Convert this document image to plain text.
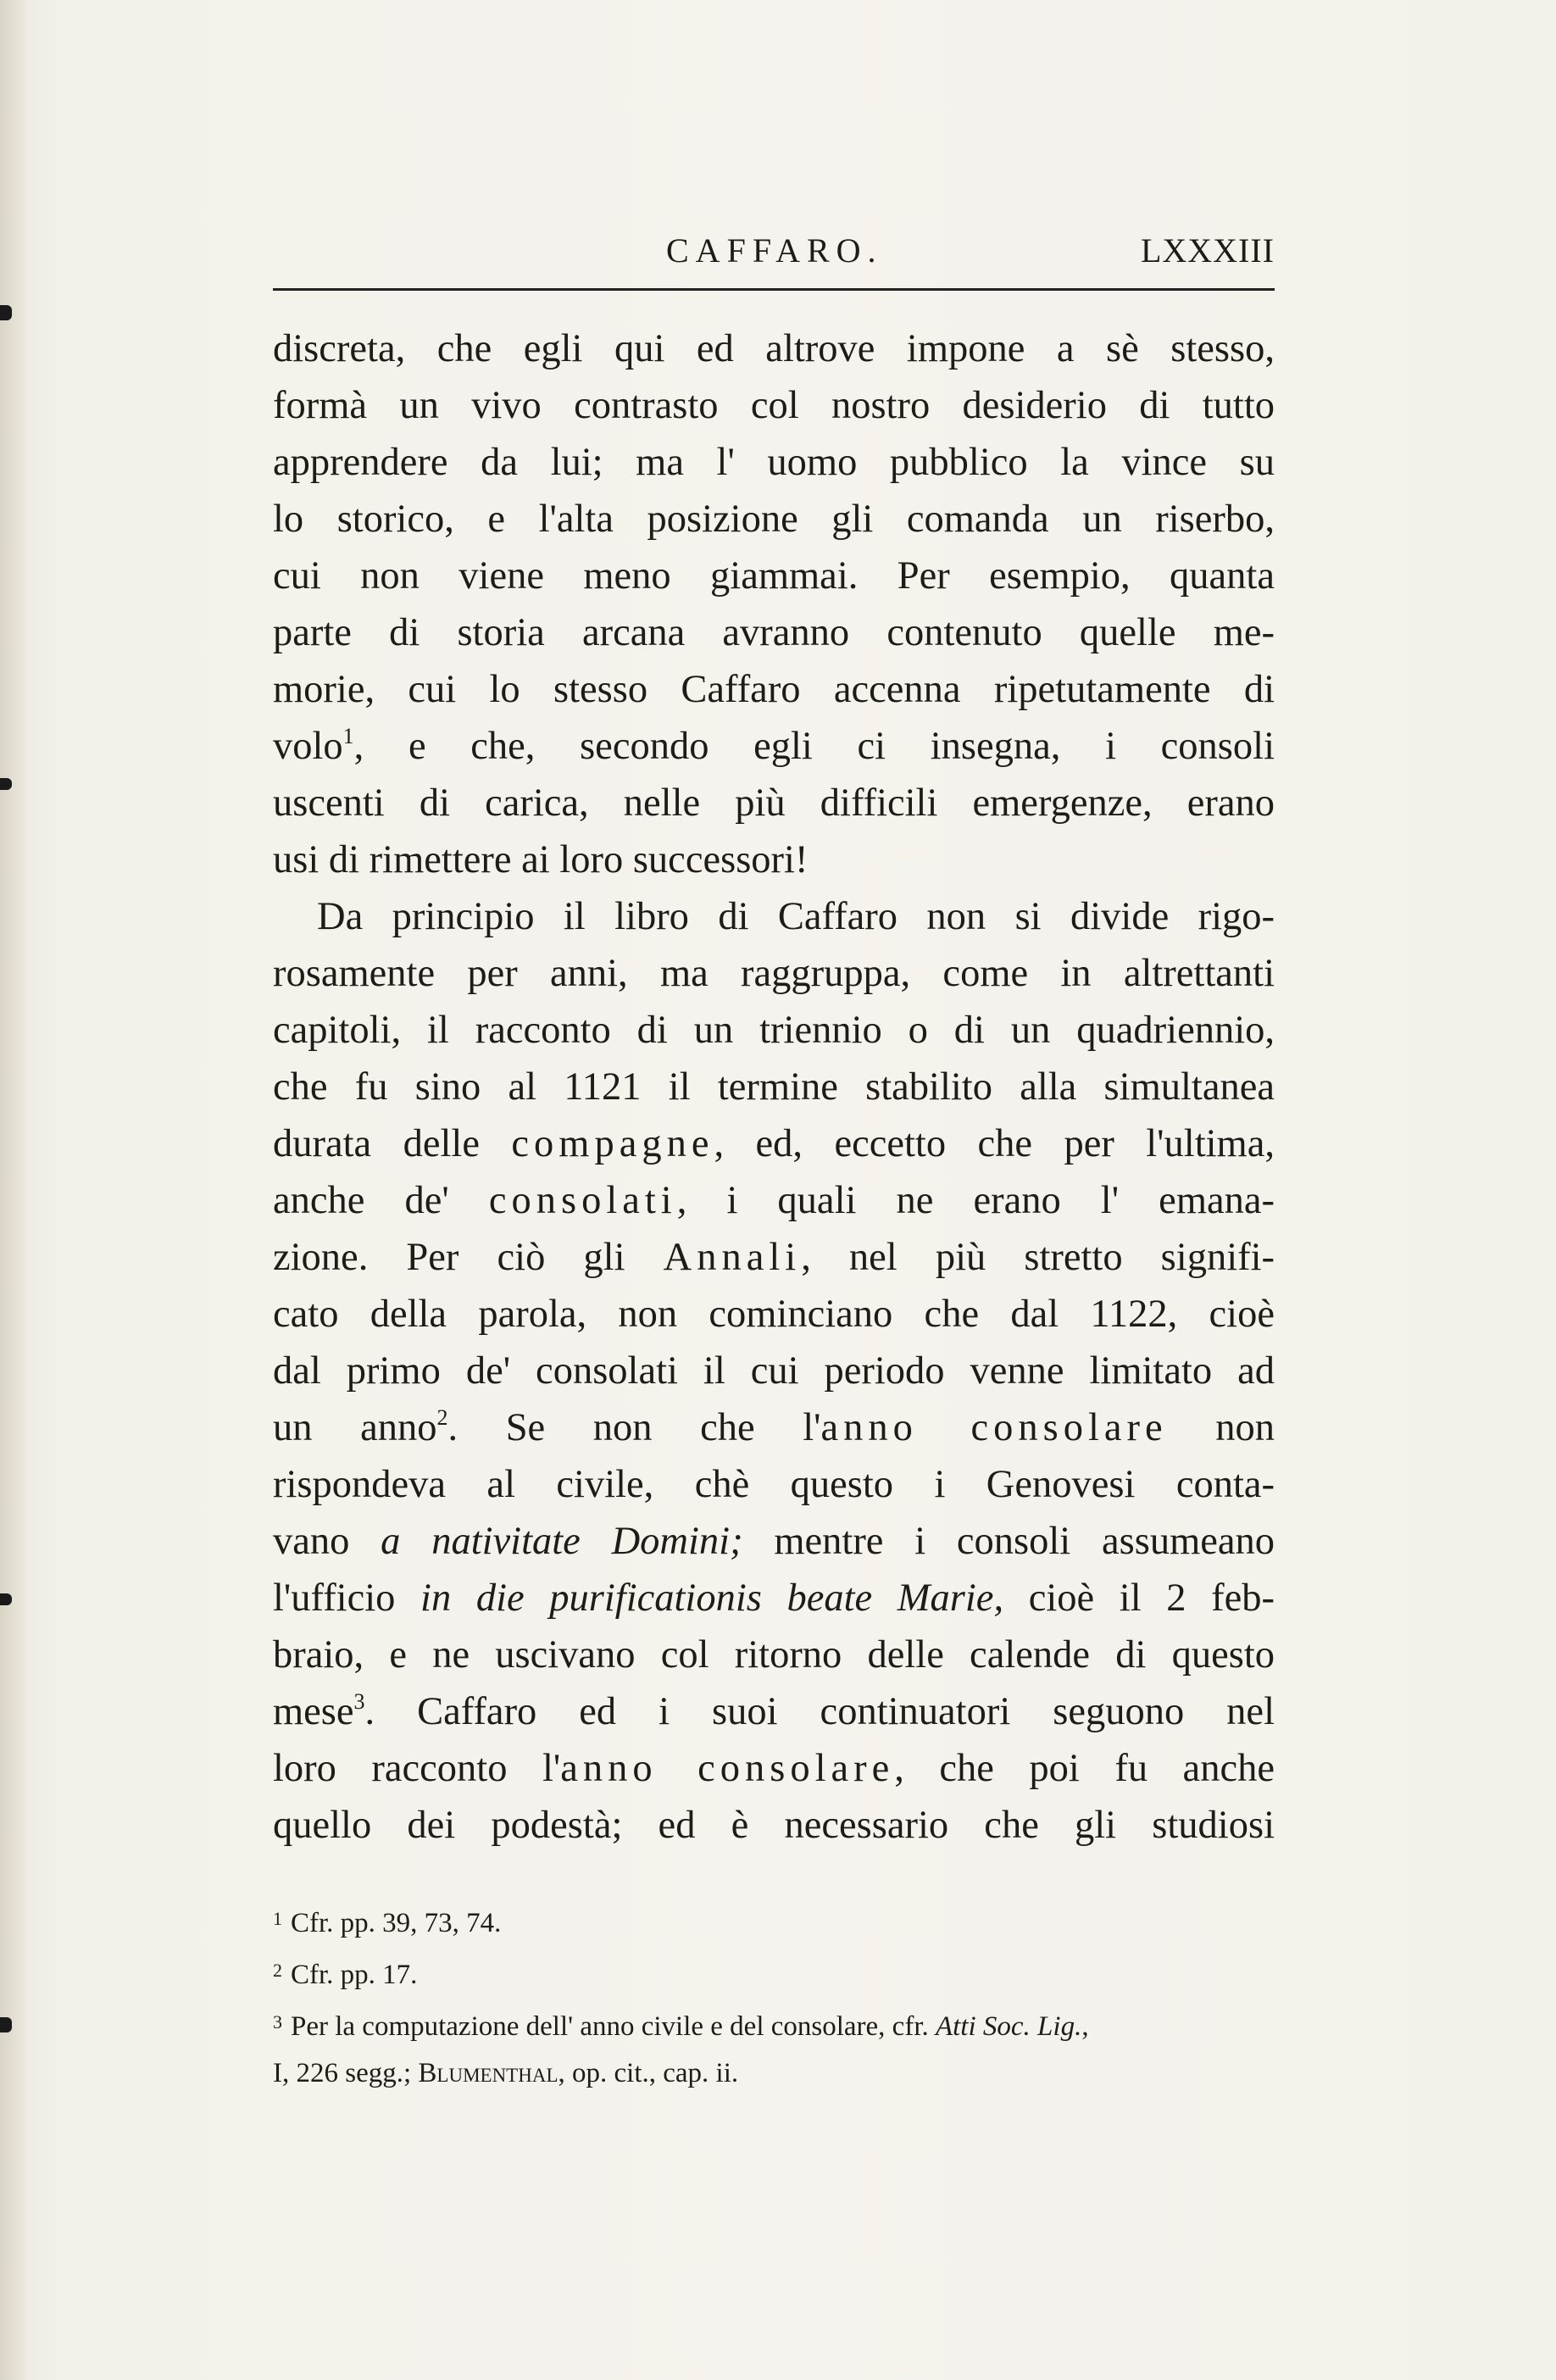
CAFFARO.	LXXXIII
discreta, che egli qui ed altrove impone a sè stesso,
formà un vivo contrasto col nostro desiderio di tutto
apprendere da lui; ma l' uomo pubblico la vince su
lo storico, e l'alta posizione gli comanda un riserbo,
cui non viene meno giammai. Per esempio, quanta
parte di storia arcana avranno contenuto quelle me-
morie, cui lo stesso Caffaro accenna ripetutamente di
volo$^1$, e che, secondo egli ci insegna, i consoli
uscenti di carica, nelle più difficili emergenze, erano
usi di rimettere ai loro successori!
Da principio il libro di Caffaro non si divide rigo-
rosamente per anni, ma raggruppa, come in altrettanti
capitoli, il racconto di un triennio o di un quadriennio,
che fu sino al 1121 il termine stabilito alla simultanea
durata delle compagne, ed, eccetto che per l'ultima,
anche de' consolati, i quali ne erano l' emana-
zione. Per ciò gli Annali, nel più stretto signifi-
cato della parola, non cominciano che dal 1122, cioè
dal primo de' consolati il cui periodo venne limitato ad
un anno$^2$. Se non che l'anno consolare non
rispondeva al civile, chè questo i Genovesi conta-
vano a nativitate Domini; mentre i consoli assumeano
l'ufficio in die purificationis beate Marie, cioè il 2 feb-
braio, e ne uscivano col ritorno delle calende di questo
mese$^3$. Caffaro ed i suoi continuatori seguono nel
loro racconto l'anno consolare, che poi fu anche
quello dei podestà; ed è necessario che gli studiosi
$^1$ Cfr. pp. 39, 73, 74.
$^2$ Cfr. pp. 17.
$^3$ Per la computazione dell' anno civile e del consolare, cfr. Atti Soc. Lig.,
I, 226 segg.; Blumenthal, op. cit., cap. ii.
